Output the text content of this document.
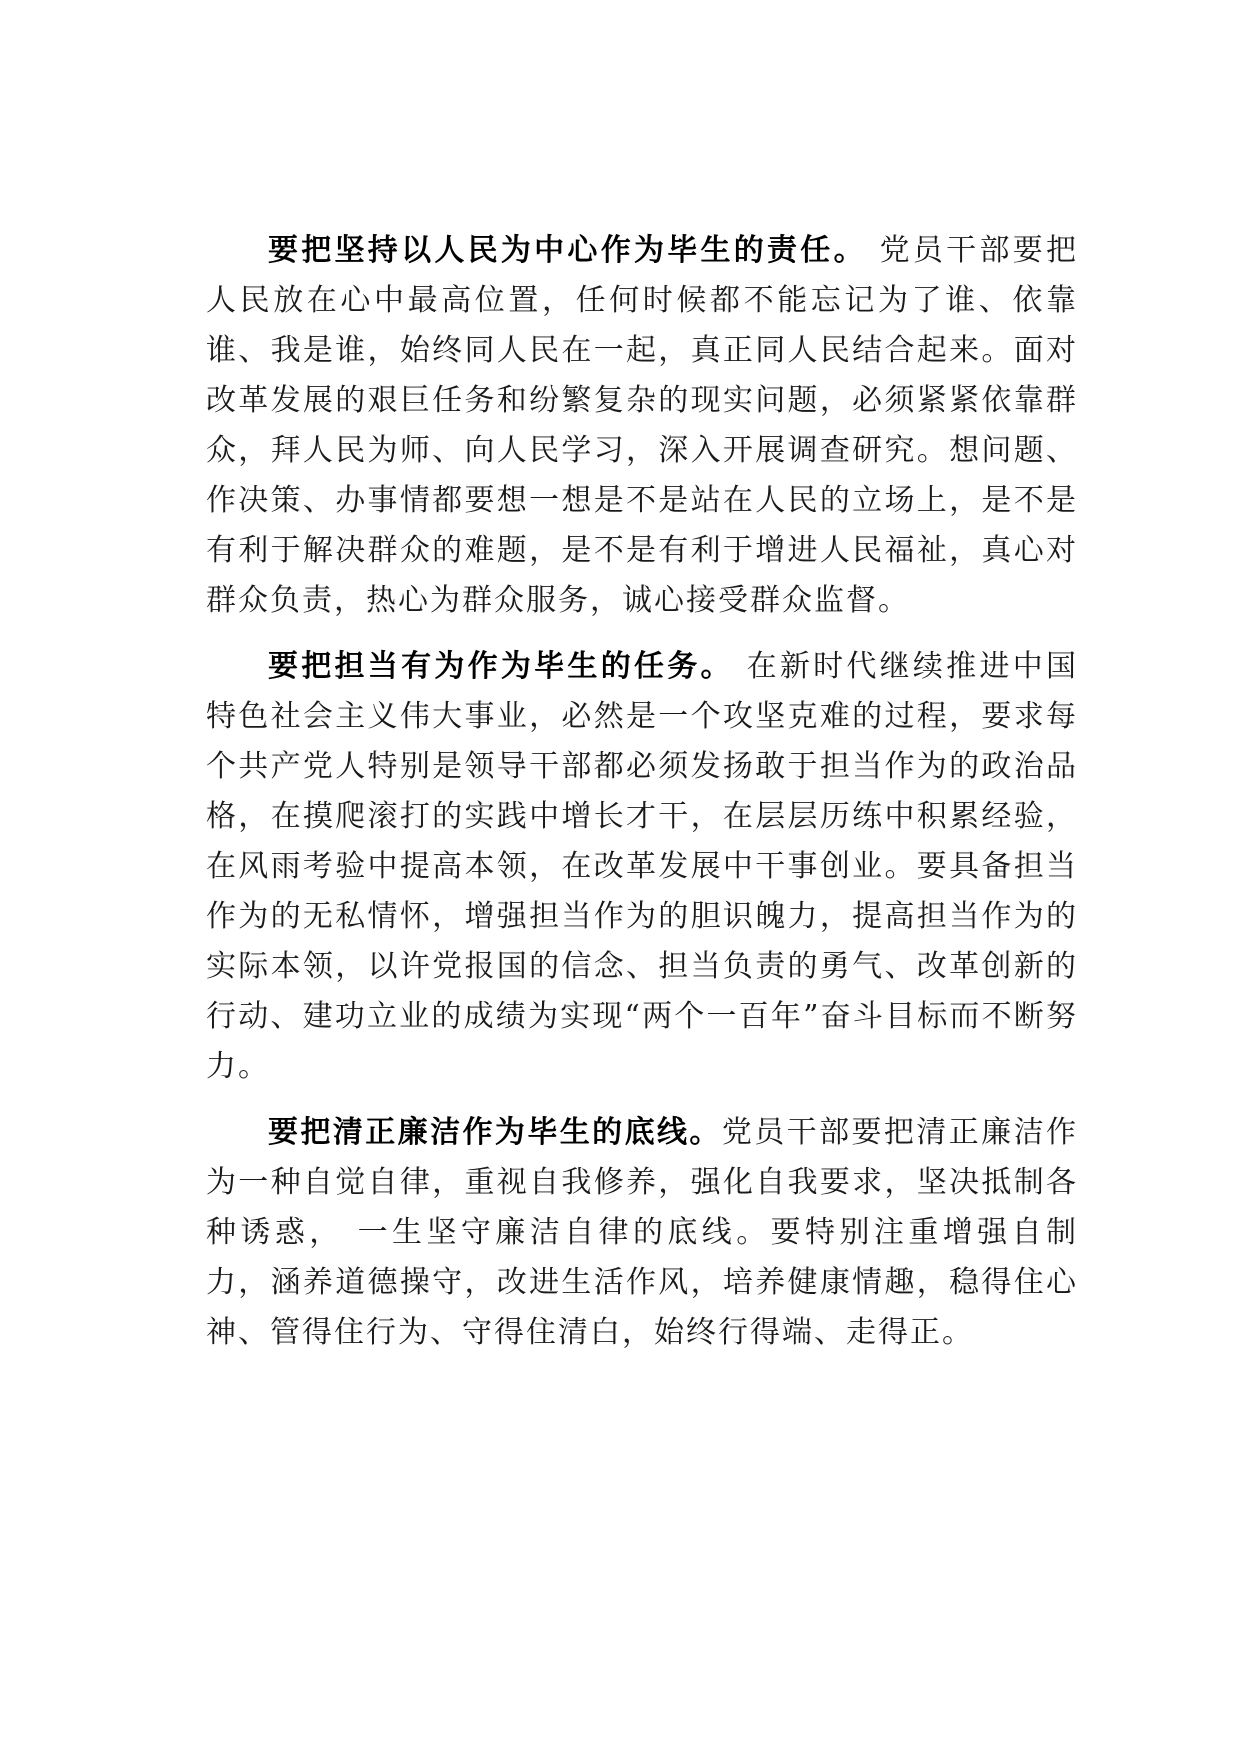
要把坚持以人民为中心作为毕生的责任。 党员干部要把人民放在心中最高位置，任何时候都不能忘记为了谁、依靠谁、我是谁，始终同人民在一起，真正同人民结合起来。面对改革发展的艰巨任务和纷繁复杂的现实问题，必须紧紧依靠群众，拜人民为师、向人民学习，深入开展调查研究。想问题、作决策、办事情都要想一想是不是站在人民的立场上，是不是有利于解决群众的难题，是不是有利于增进人民福祉，真心对群众负责，热心为群众服务，诚心接受群众监督。

要把担当有为作为毕生的任务。 在新时代继续推进中国特色社会主义伟大事业，必然是一个攻坚克难的过程，要求每个共产党人特别是领导干部都必须发扬敢于担当作为的政治品格，在摸爬滚打的实践中增长才干，在层层历练中积累经验，在风雨考验中提高本领，在改革发展中干事创业。要具备担当作为的无私情怀，增强担当作为的胆识魄力，提高担当作为的实际本领，以许党报国的信念、担当负责的勇气、改革创新的行动、建功立业的成绩为实现“两个一百年”奋斗目标而不断努力。

要把清正廉洁作为毕生的底线。党员干部要把清正廉洁作为一种自觉自律，重视自我修养，强化自我要求，坚决抵制各种诱惑， 一生坚守廉洁自律的底线。要特别注重增强自制力，涵养道德操守，改进生活作风，培养健康情趣，稳得住心神、管得住行为、守得住清白，始终行得端、走得正。
